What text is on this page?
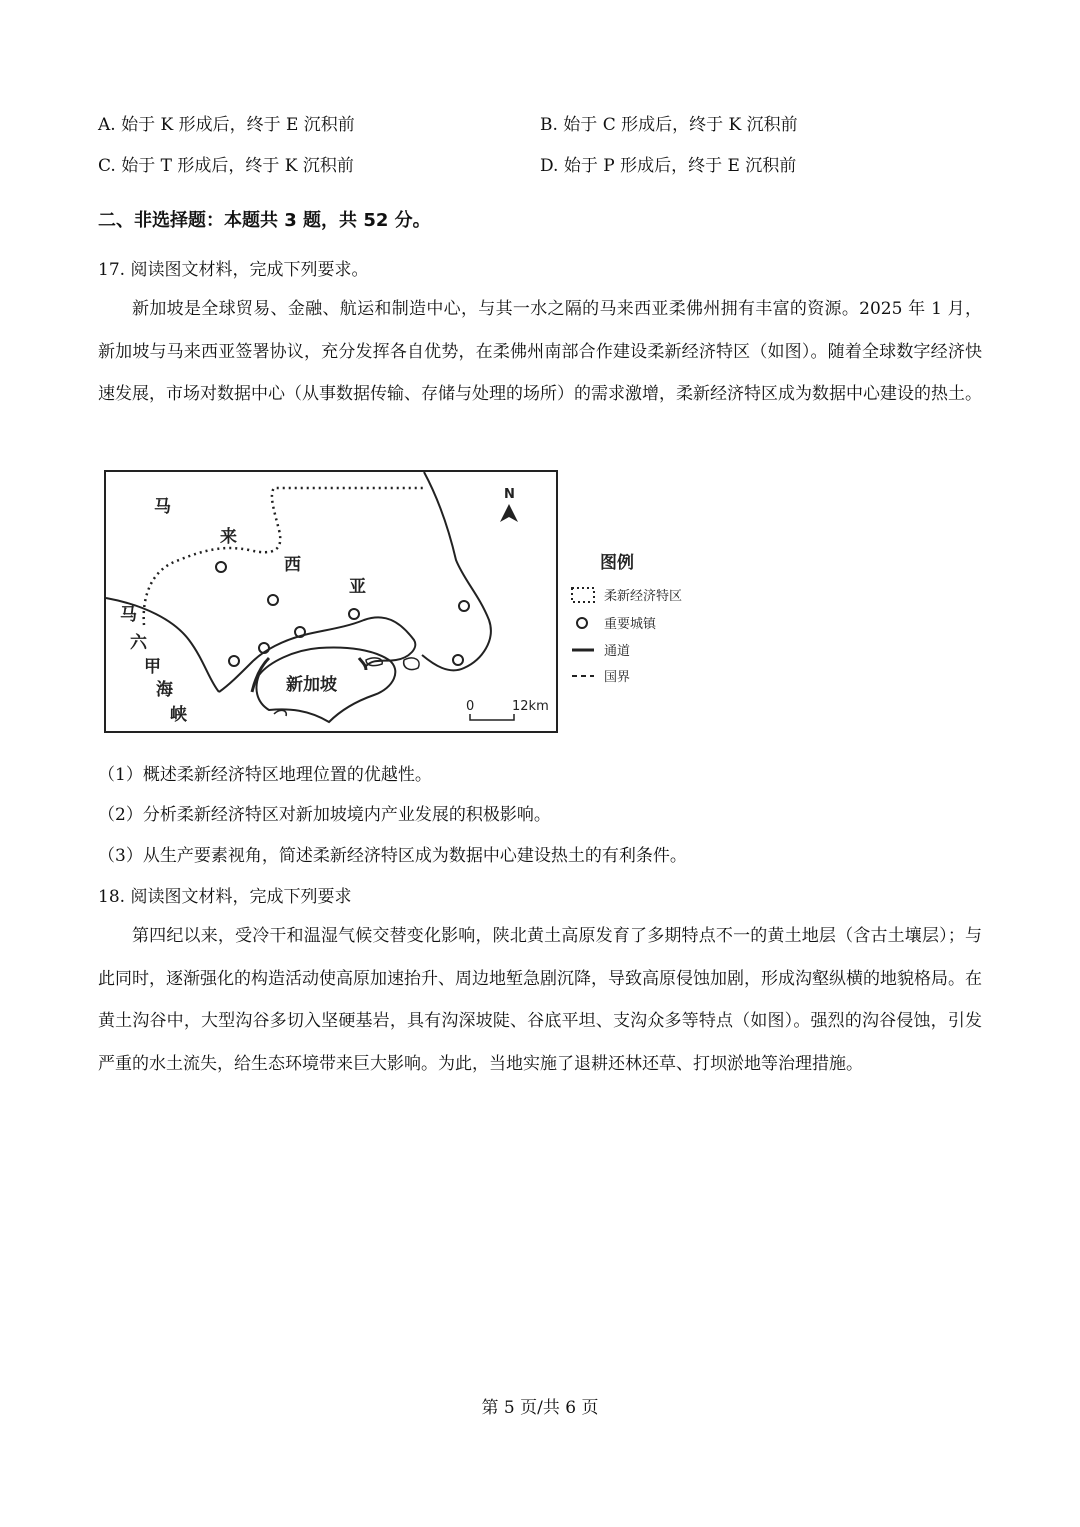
A. 始于 K 形成后，终于 E 沉积前	B. 始于 C 形成后，终于 K 沉积前
C. 始于 T 形成后，终于 K 沉积前	D. 始于 P 形成后，终于 E 沉积前
二、非选择题：本题共 3 题，共 52 分。
17. 阅读图文材料，完成下列要求。

新加坡是全球贸易、金融、航运和制造中心，与其一水之隔的马来西亚柔佛州拥有丰富的资源。2025 年 1 月，新加坡与马来西亚签署协议，充分发挥各自优势，在柔佛州南部合作建设柔新经济特区（如图）。随着全球数字经济快速发展，市场对数据中心（从事数据传输、存储与处理的场所）的需求激增，柔新经济特区成为数据中心建设的热土。

马
来
西
亚
马
六
甲
海
峡
新加坡
N
0	12km
图例
柔新经济特区
重要城镇
通道
国界
（1）概述柔新经济特区地理位置的优越性。
（2）分析柔新经济特区对新加坡境内产业发展的积极影响。
（3）从生产要素视角，简述柔新经济特区成为数据中心建设热土的有利条件。
18. 阅读图文材料，完成下列要求

第四纪以来，受冷干和温湿气候交替变化影响，陕北黄土高原发育了多期特点不一的黄土地层（含古土壤层）；与此同时，逐渐强化的构造活动使高原加速抬升、周边地堑急剧沉降，导致高原侵蚀加剧，形成沟壑纵横的地貌格局。在黄土沟谷中，大型沟谷多切入坚硬基岩，具有沟深坡陡、谷底平坦、支沟众多等特点（如图）。强烈的沟谷侵蚀，引发严重的水土流失，给生态环境带来巨大影响。为此，当地实施了退耕还林还草、打坝淤地等治理措施。

第 5 页/共 6 页
